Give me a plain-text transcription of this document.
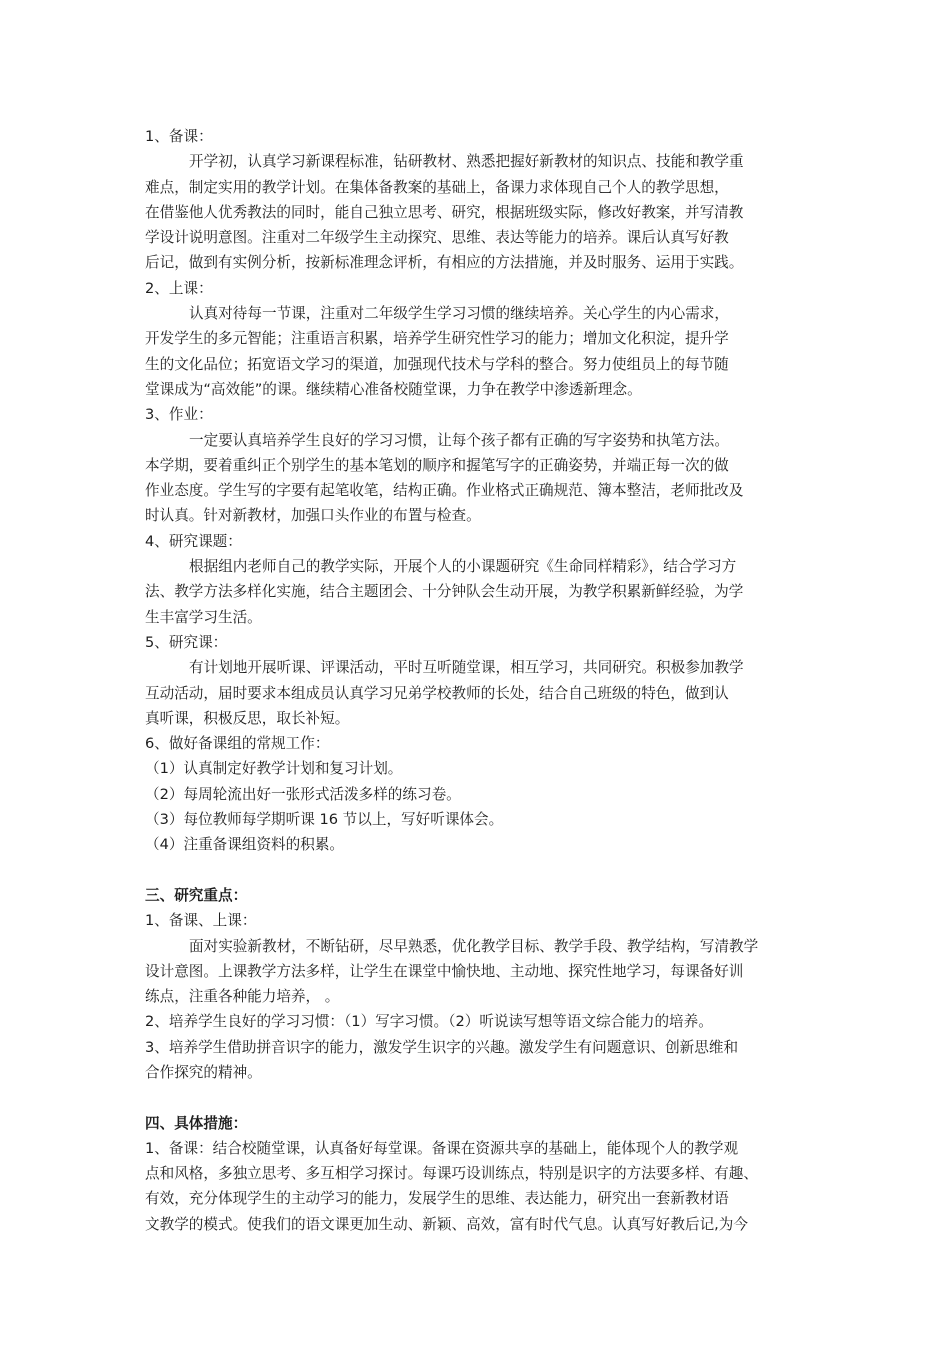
1、备课：
开学初，认真学习新课程标准，钻研教材、熟悉把握好新教材的知识点、技能和教学重
难点，制定实用的教学计划。在集体备教案的基础上，备课力求体现自己个人的教学思想，
在借鉴他人优秀教法的同时，能自己独立思考、研究，根据班级实际，修改好教案，并写清教
学设计说明意图。注重对二年级学生主动探究、思维、表达等能力的培养。课后认真写好教
后记，做到有实例分析，按新标准理念评析，有相应的方法措施，并及时服务、运用于实践。
2、上课：
认真对待每一节课，注重对二年级学生学习习惯的继续培养。关心学生的内心需求，
开发学生的多元智能；注重语言积累，培养学生研究性学习的能力；增加文化积淀，提升学
生的文化品位；拓宽语文学习的渠道，加强现代技术与学科的整合。努力使组员上的每节随
堂课成为“高效能”的课。继续精心准备校随堂课，力争在教学中渗透新理念。
3、作业：
一定要认真培养学生良好的学习习惯，让每个孩子都有正确的写字姿势和执笔方法。
本学期，要着重纠正个别学生的基本笔划的顺序和握笔写字的正确姿势，并端正每一次的做
作业态度。学生写的字要有起笔收笔，结构正确。作业格式正确规范、簿本整洁，老师批改及
时认真。针对新教材，加强口头作业的布置与检查。
4、研究课题：
根据组内老师自己的教学实际，开展个人的小课题研究《生命同样精彩》，结合学习方
法、教学方法多样化实施，结合主题团会、十分钟队会生动开展，为教学积累新鲜经验，为学
生丰富学习生活。
5、研究课：
有计划地开展听课、评课活动，平时互听随堂课，相互学习，共同研究。积极参加教学
互动活动，届时要求本组成员认真学习兄弟学校教师的长处，结合自己班级的特色，做到认
真听课，积极反思，取长补短。
6、做好备课组的常规工作：
（1）认真制定好教学计划和复习计划。
（2）每周轮流出好一张形式活泼多样的练习卷。
（3）每位教师每学期听课 16 节以上，写好听课体会。
（4）注重备课组资料的积累。
三、研究重点：
1、备课、上课：
面对实验新教材，不断钻研，尽早熟悉，优化教学目标、教学手段、教学结构，写清教学
设计意图。上课教学方法多样，让学生在课堂中愉快地、主动地、探究性地学习，每课备好训
练点，注重各种能力培养， 。
2、培养学生良好的学习习惯：（1）写字习惯。（2）听说读写想等语文综合能力的培养。
3、培养学生借助拼音识字的能力，激发学生识字的兴趣。激发学生有问题意识、创新思维和
合作探究的精神。
四、具体措施：
1、备课：结合校随堂课，认真备好每堂课。备课在资源共享的基础上，能体现个人的教学观
点和风格，多独立思考、多互相学习探讨。每课巧设训练点，特别是识字的方法要多样、有趣、
有效，充分体现学生的主动学习的能力，发展学生的思维、表达能力，研究出一套新教材语
文教学的模式。使我们的语文课更加生动、新颖、高效，富有时代气息。认真写好教后记,为今
